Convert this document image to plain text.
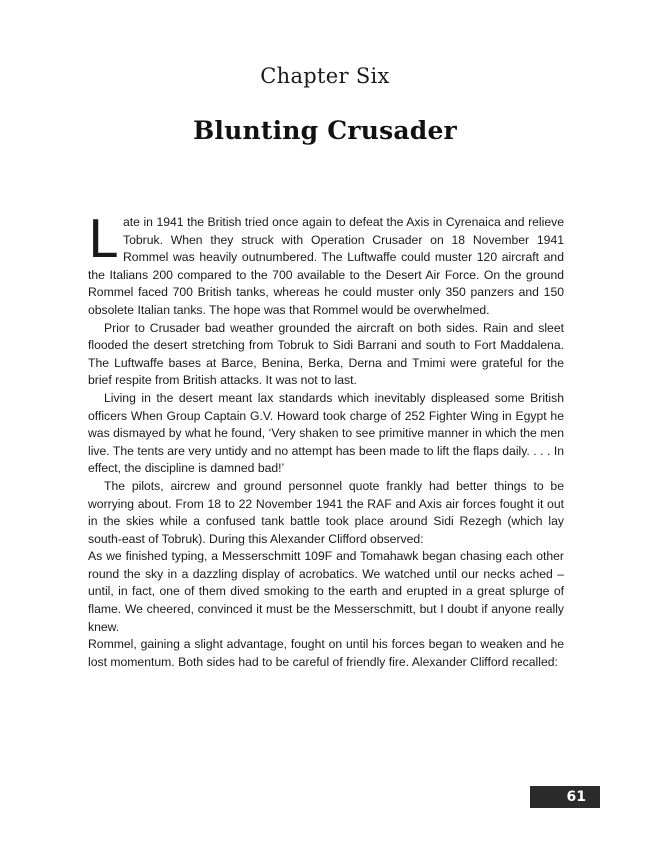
Chapter Six
Blunting Crusader

Late in 1941 the British tried once again to defeat the Axis in Cyrenaica and relieve Tobruk. When they struck with Operation Crusader on 18 November 1941 Rommel was heavily outnumbered. The Luftwaffe could muster 120 aircraft and the Italians 200 compared to the 700 available to the Desert Air Force. On the ground Rommel faced 700 British tanks, whereas he could muster only 350 panzers and 150 obsolete Italian tanks. The hope was that Rommel would be overwhelmed.

Prior to Crusader bad weather grounded the aircraft on both sides. Rain and sleet flooded the desert stretching from Tobruk to Sidi Barrani and south to Fort Maddalena. The Luftwaffe bases at Barce, Benina, Berka, Derna and Tmimi were grateful for the brief respite from British attacks. It was not to last.

Living in the desert meant lax standards which inevitably displeased some British officers When Group Captain G.V. Howard took charge of 252 Fighter Wing in Egypt he was dismayed by what he found, ‘Very shaken to see primitive manner in which the men live. The tents are very untidy and no attempt has been made to lift the flaps daily. . . . In effect, the discipline is damned bad!’

The pilots, aircrew and ground personnel quote frankly had better things to be worrying about. From 18 to 22 November 1941 the RAF and Axis air forces fought it out in the skies while a confused tank battle took place around Sidi Rezegh (which lay south-east of Tobruk). During this Alexander Clifford observed:

As we finished typing, a Messerschmitt 109F and Tomahawk began chasing each other round the sky in a dazzling display of acrobatics. We watched until our necks ached – until, in fact, one of them dived smoking to the earth and erupted in a great splurge of flame. We cheered, convinced it must be the Messerschmitt, but I doubt if anyone really knew.

Rommel, gaining a slight advantage, fought on until his forces began to weaken and he lost momentum. Both sides had to be careful of friendly fire. Alexander Clifford recalled:

61
